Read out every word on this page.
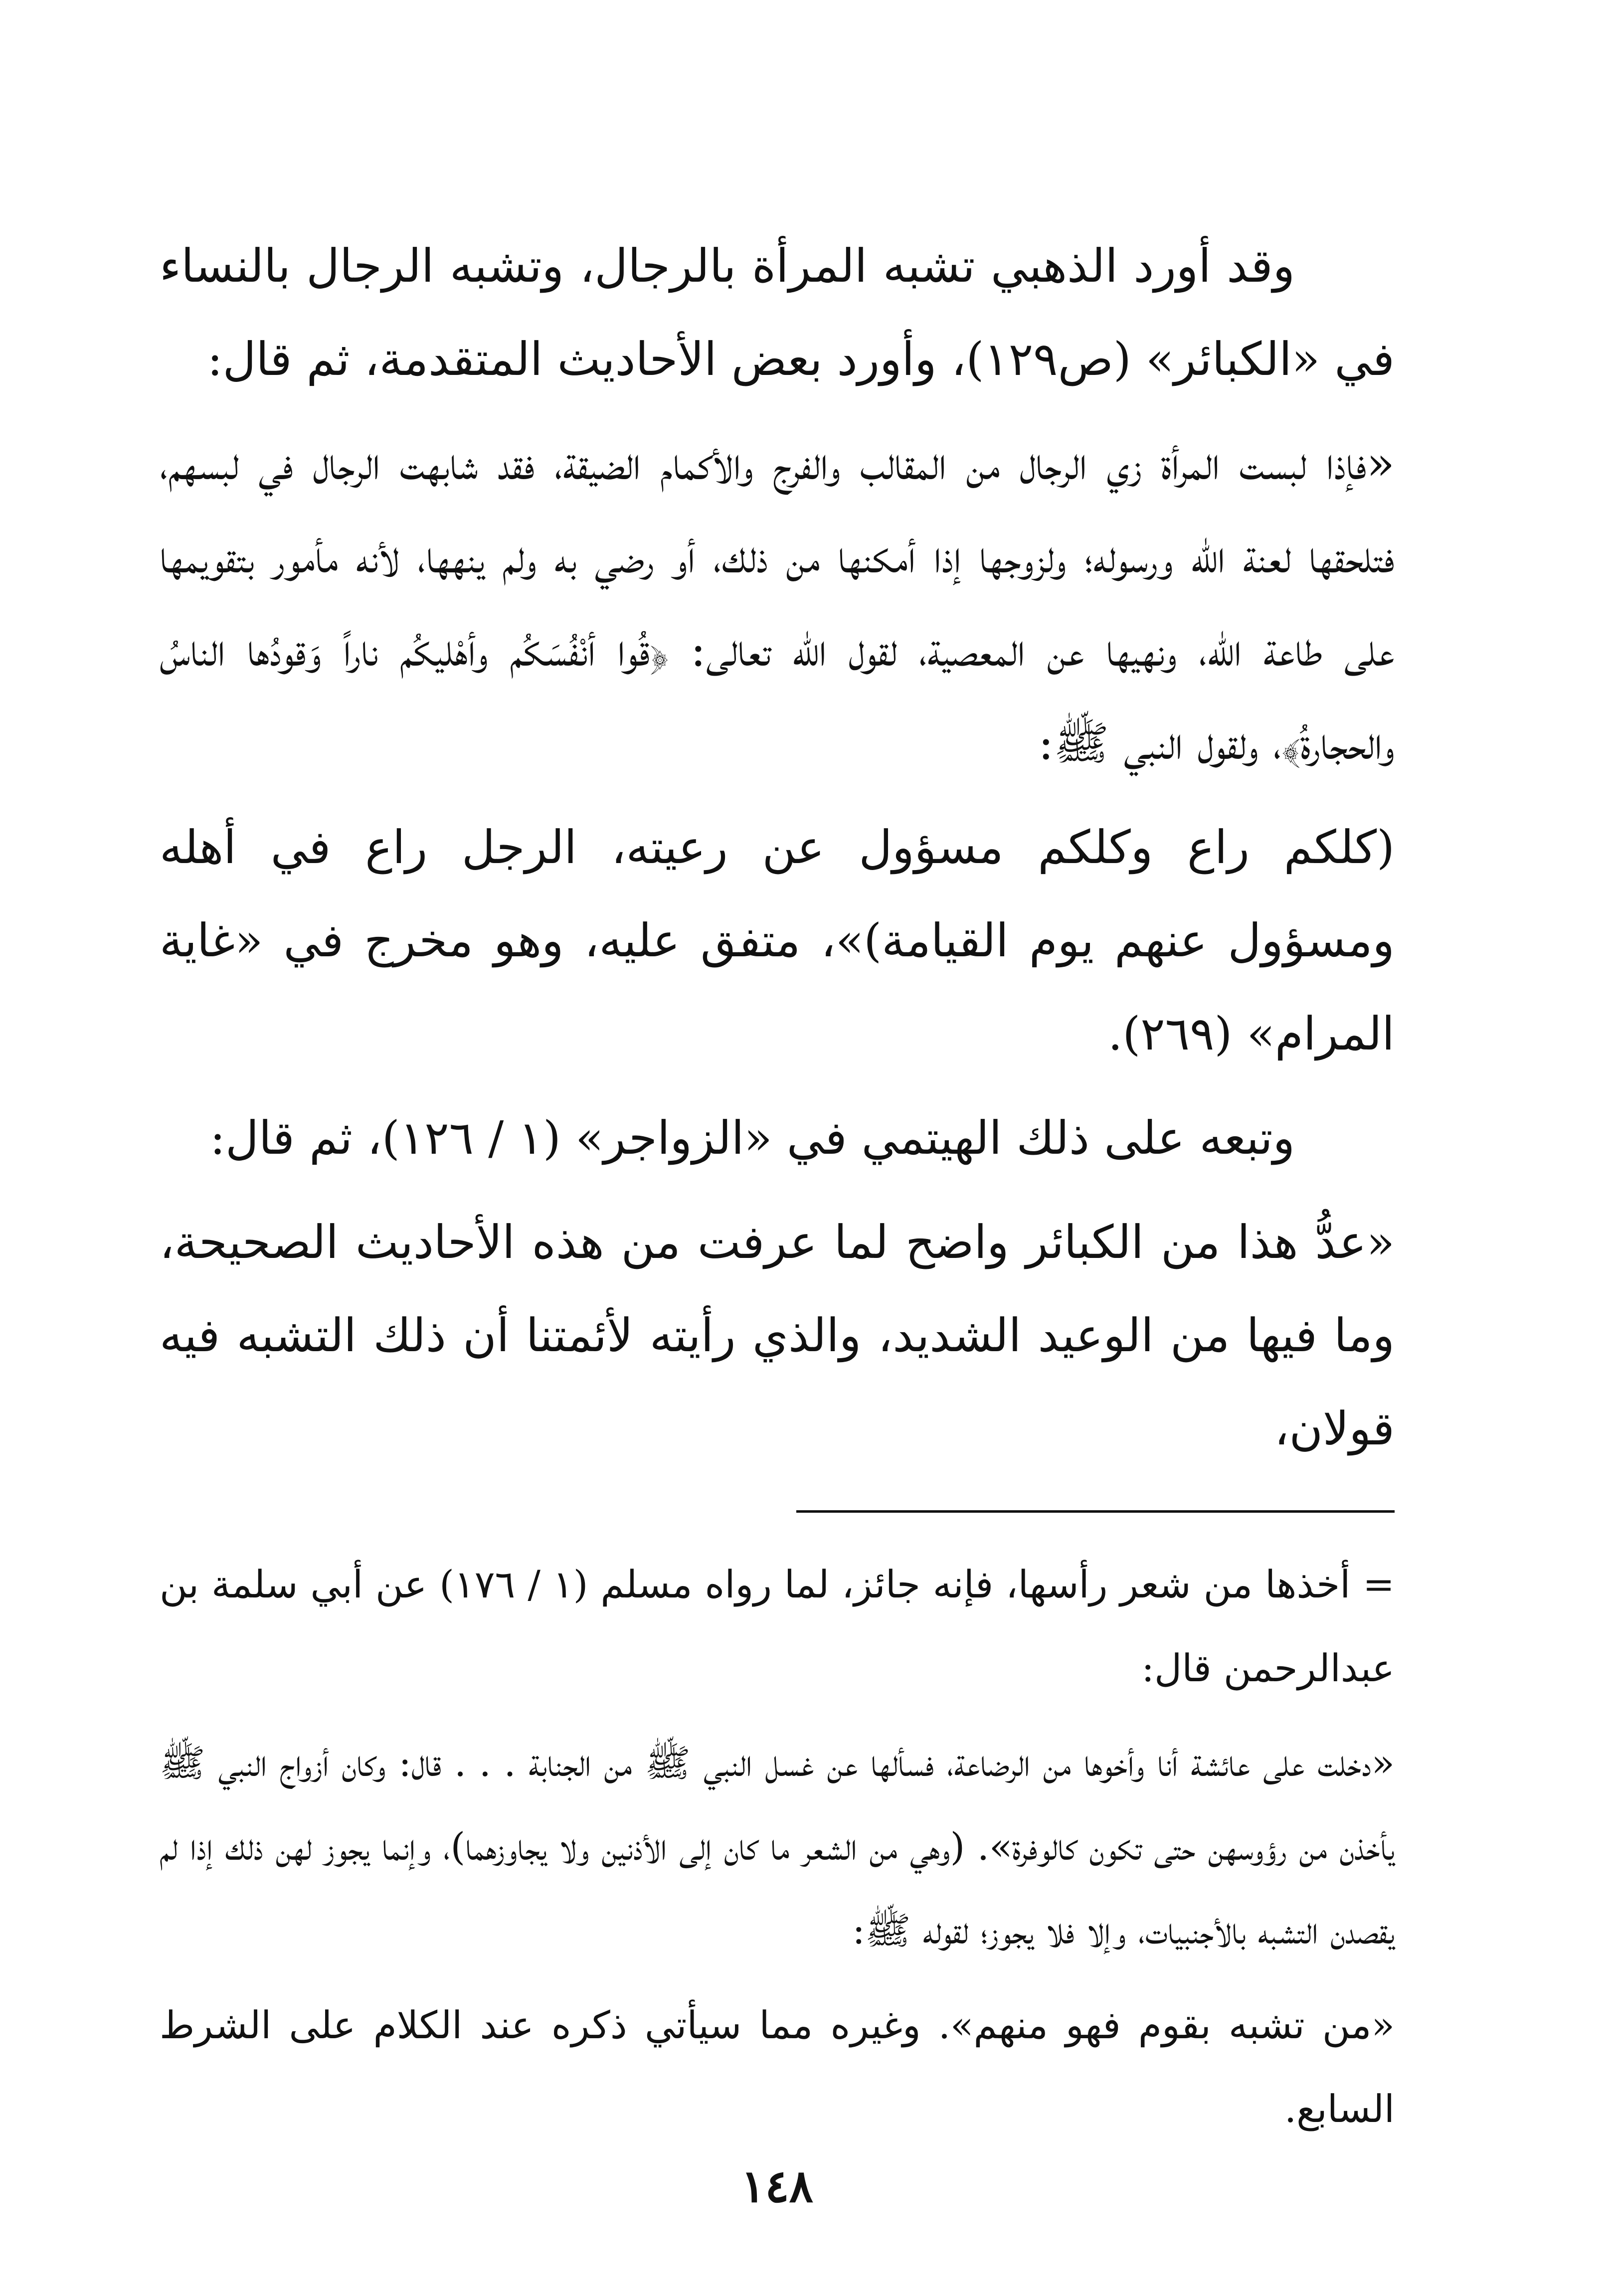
وقد أورد الذهبي تشبه المرأة بالرجال، وتشبه الرجال بالنساء في «الكبائر» (ص١٢٩)، وأورد بعض الأحاديث المتقدمة، ثم قال:

«فإذا لبست المرأة زي الرجال من المقالب والفرج والأكمام الضيقة، فقد شابهت الرجال في لبسهم، فتلحقها لعنة الله ورسوله؛ ولزوجها إذا أمكنها من ذلك، أو رضي به ولم ينهها، لأنه مأمور بتقويمها على طاعة الله، ونهيها عن المعصية، لقول الله تعالى: ﴿قُوا أنْفُسَكُم وأهْليكُم ناراً وَقودُها الناسُ والحجارةُ﴾، ولقول النبي ﷺ:

(كلكم راع وكلكم مسؤول عن رعيته، الرجل راع في أهله ومسؤول عنهم يوم القيامة)»، متفق عليه، وهو مخرج في «غاية المرام» (٢٦٩).

وتبعه على ذلك الهيتمي في «الزواجر» (١ / ١٢٦)، ثم قال:

«عدُّ هذا من الكبائر واضح لما عرفت من هذه الأحاديث الصحيحة، وما فيها من الوعيد الشديد، والذي رأيته لأئمتنا أن ذلك التشبه فيه قولان،

= أخذها من شعر رأسها، فإنه جائز، لما رواه مسلم (١ / ١٧٦) عن أبي سلمة بن عبدالرحمن قال:

«دخلت على عائشة أنا وأخوها من الرضاعة، فسألها عن غسل النبي ﷺ من الجنابة . . . قال: وكان أزواج النبي ﷺ يأخذن من رؤوسهن حتى تكون كالوفرة». (وهي من الشعر ما كان إلى الأذنين ولا يجاوزهما)، وإنما يجوز لهن ذلك إذا لم يقصدن التشبه بالأجنبيات، وإلا فلا يجوز؛ لقوله ﷺ:

«من تشبه بقوم فهو منهم». وغيره مما سيأتي ذكره عند الكلام على الشرط السابع.

١٤٨
